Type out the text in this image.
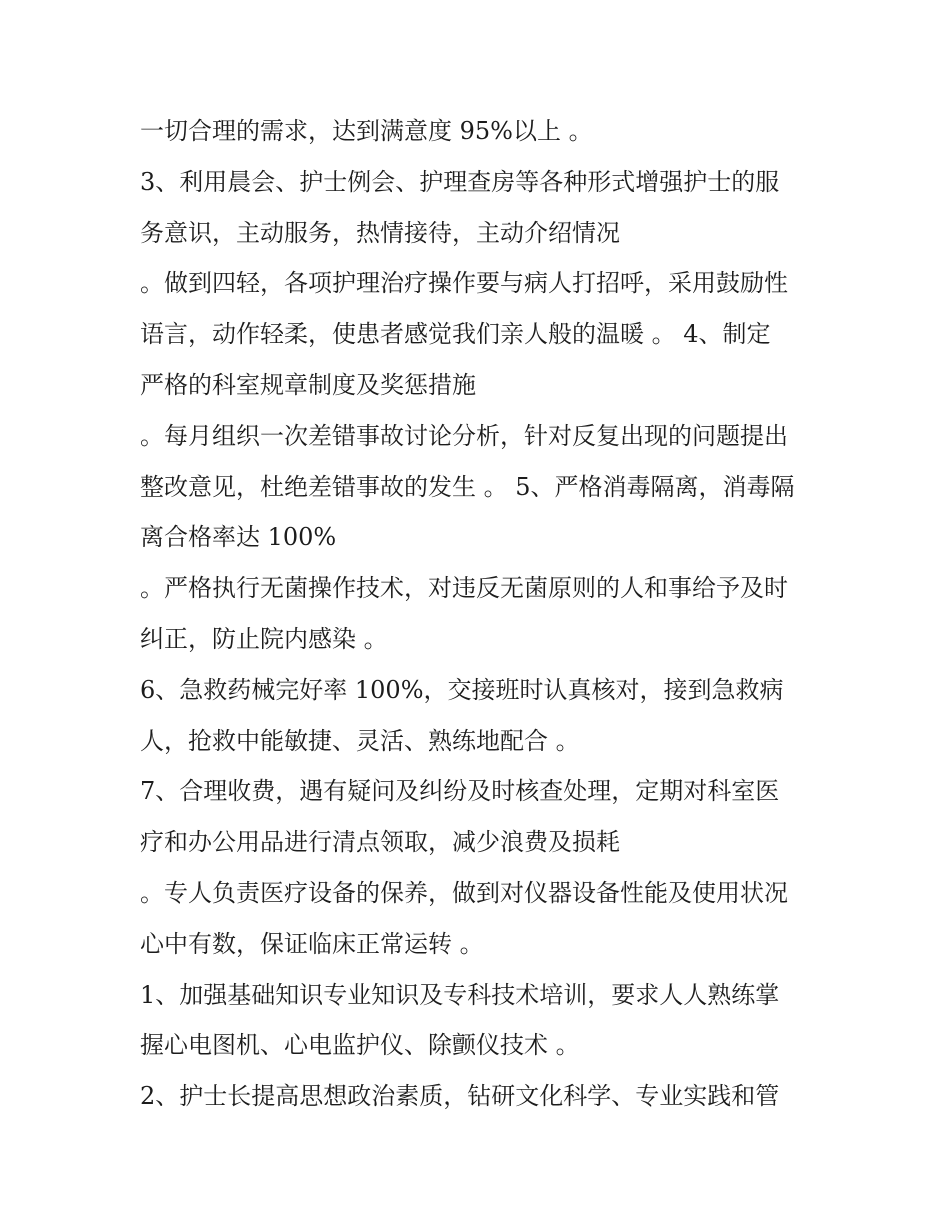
一切合理的需求，达到满意度 95%以上 。
3、利用晨会、护士例会、护理查房等各种形式增强护士的服
务意识，主动服务，热情接待，主动介绍情况
。做到四轻，各项护理治疗操作要与病人打招呼，采用鼓励性
语言，动作轻柔，使患者感觉我们亲人般的温暖 。 4、制定
严格的科室规章制度及奖惩措施
。每月组织一次差错事故讨论分析，针对反复出现的问题提出
整改意见，杜绝差错事故的发生 。 5、严格消毒隔离，消毒隔
离合格率达 100%
。严格执行无菌操作技术，对违反无菌原则的人和事给予及时
纠正，防止院内感染 。
6、急救药械完好率 100%，交接班时认真核对，接到急救病
人，抢救中能敏捷、灵活、熟练地配合 。
7、合理收费，遇有疑问及纠纷及时核查处理，定期对科室医
疗和办公用品进行清点领取，减少浪费及损耗
。专人负责医疗设备的保养，做到对仪器设备性能及使用状况
心中有数，保证临床正常运转 。
1、加强基础知识专业知识及专科技术培训，要求人人熟练掌
握心电图机、心电监护仪、除颤仪技术 。
2、护士长提高思想政治素质，钻研文化科学、专业实践和管
